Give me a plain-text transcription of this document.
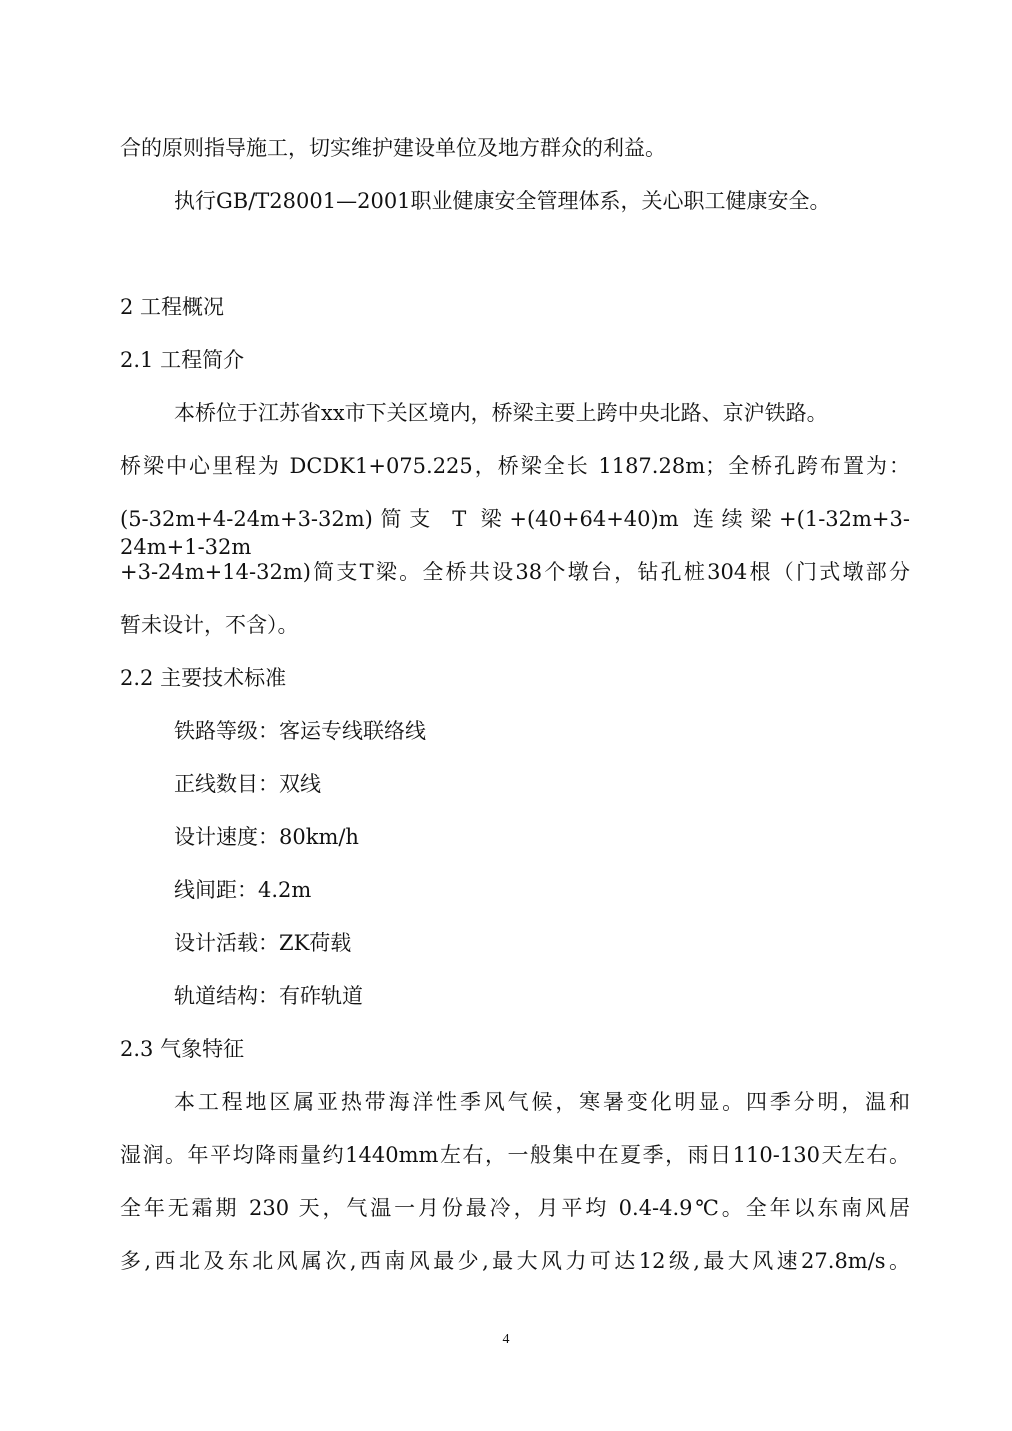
合的原则指导施工，切实维护建设单位及地方群众的利益。
执行GB/T28001—2001职业健康安全管理体系，关心职工健康安全。
2 工程概况
2.1 工程简介
本桥位于江苏省xx市下关区境内，桥梁主要上跨中央北路、京沪铁路。
桥梁中心里程为 DCDK1+075.225，桥梁全长 1187.28m；全桥孔跨布置为：
(5-32m+4-24m+3-32m)简支 T 梁+(40+64+40)m 连续梁+(1-32m+3-24m+1-32m
+3-24m+14-32m)简支T梁。全桥共设38个墩台，钻孔桩304根（门式墩部分
暂未设计，不含）。
2.2 主要技术标准
铁路等级：客运专线联络线
正线数目：双线
设计速度：80km/h
线间距：4.2m
设计活载：ZK荷载
轨道结构：有砟轨道
2.3 气象特征
本工程地区属亚热带海洋性季风气候，寒暑变化明显。四季分明，温和
湿润。年平均降雨量约1440mm左右，一般集中在夏季，雨日110-130天左右。
全年无霜期 230 天，气温一月份最冷，月平均 0.4-4.9℃。全年以东南风居
多,西北及东北风属次,西南风最少,最大风力可达12级,最大风速27.8m/s。
4
